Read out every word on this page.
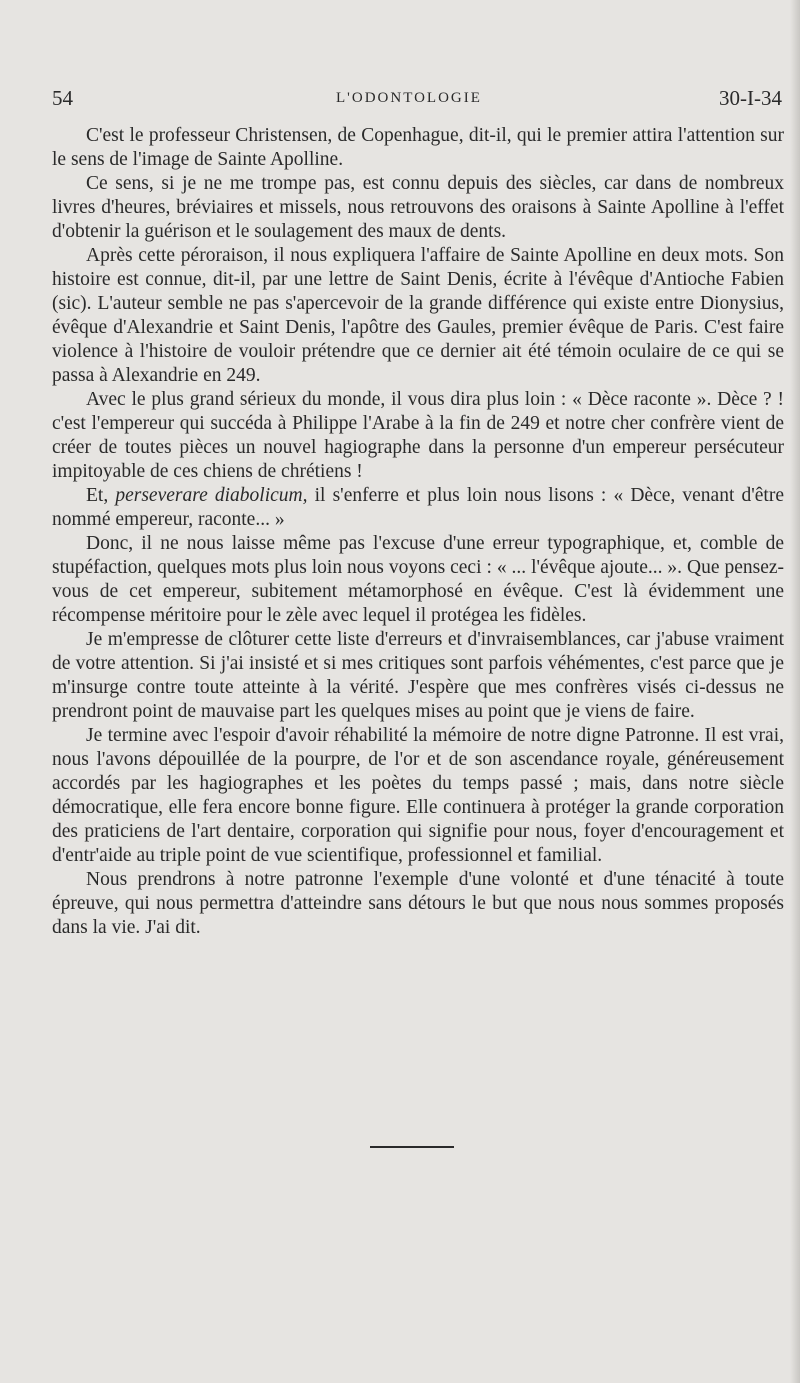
54	L'ODONTOLOGIE	30-I-34

C'est le professeur Christensen, de Copenhague, dit-il, qui le premier attira l'attention sur le sens de l'image de Sainte Apolline.

Ce sens, si je ne me trompe pas, est connu depuis des siècles, car dans de nombreux livres d'heures, bréviaires et missels, nous retrouvons des oraisons à Sainte Apolline à l'effet d'obtenir la guérison et le soulagement des maux de dents.

Après cette péroraison, il nous expliquera l'affaire de Sainte Apolline en deux mots. Son histoire est connue, dit-il, par une lettre de Saint Denis, écrite à l'évêque d'Antioche Fabien (sic). L'auteur semble ne pas s'apercevoir de la grande différence qui existe entre Dionysius, évêque d'Alexandrie et Saint Denis, l'apôtre des Gaules, premier évêque de Paris. C'est faire violence à l'histoire de vouloir prétendre que ce dernier ait été témoin oculaire de ce qui se passa à Alexandrie en 249.

Avec le plus grand sérieux du monde, il vous dira plus loin : « Dèce raconte ». Dèce ? ! c'est l'empereur qui succéda à Philippe l'Arabe à la fin de 249 et notre cher confrère vient de créer de toutes pièces un nouvel hagiographe dans la personne d'un empereur persécuteur impitoyable de ces chiens de chrétiens !

Et, perseverare diabolicum, il s'enferre et plus loin nous lisons : « Dèce, venant d'être nommé empereur, raconte... »

Donc, il ne nous laisse même pas l'excuse d'une erreur typographique, et, comble de stupéfaction, quelques mots plus loin nous voyons ceci : « ... l'évêque ajoute... ». Que pensez-vous de cet empereur, subitement métamorphosé en évêque. C'est là évidemment une récompense méritoire pour le zèle avec lequel il protégea les fidèles.

Je m'empresse de clôturer cette liste d'erreurs et d'invraisemblances, car j'abuse vraiment de votre attention. Si j'ai insisté et si mes critiques sont parfois véhémentes, c'est parce que je m'insurge contre toute atteinte à la vérité. J'espère que mes confrères visés ci-dessus ne prendront point de mauvaise part les quelques mises au point que je viens de faire.

Je termine avec l'espoir d'avoir réhabilité la mémoire de notre digne Patronne. Il est vrai, nous l'avons dépouillée de la pourpre, de l'or et de son ascendance royale, généreusement accordés par les hagiographes et les poètes du temps passé ; mais, dans notre siècle démocratique, elle fera encore bonne figure. Elle continuera à protéger la grande corporation des praticiens de l'art dentaire, corporation qui signifie pour nous, foyer d'encouragement et d'entr'aide au triple point de vue scientifique, professionnel et familial.

Nous prendrons à notre patronne l'exemple d'une volonté et d'une ténacité à toute épreuve, qui nous permettra d'atteindre sans détours le but que nous nous sommes proposés dans la vie. J'ai dit.
